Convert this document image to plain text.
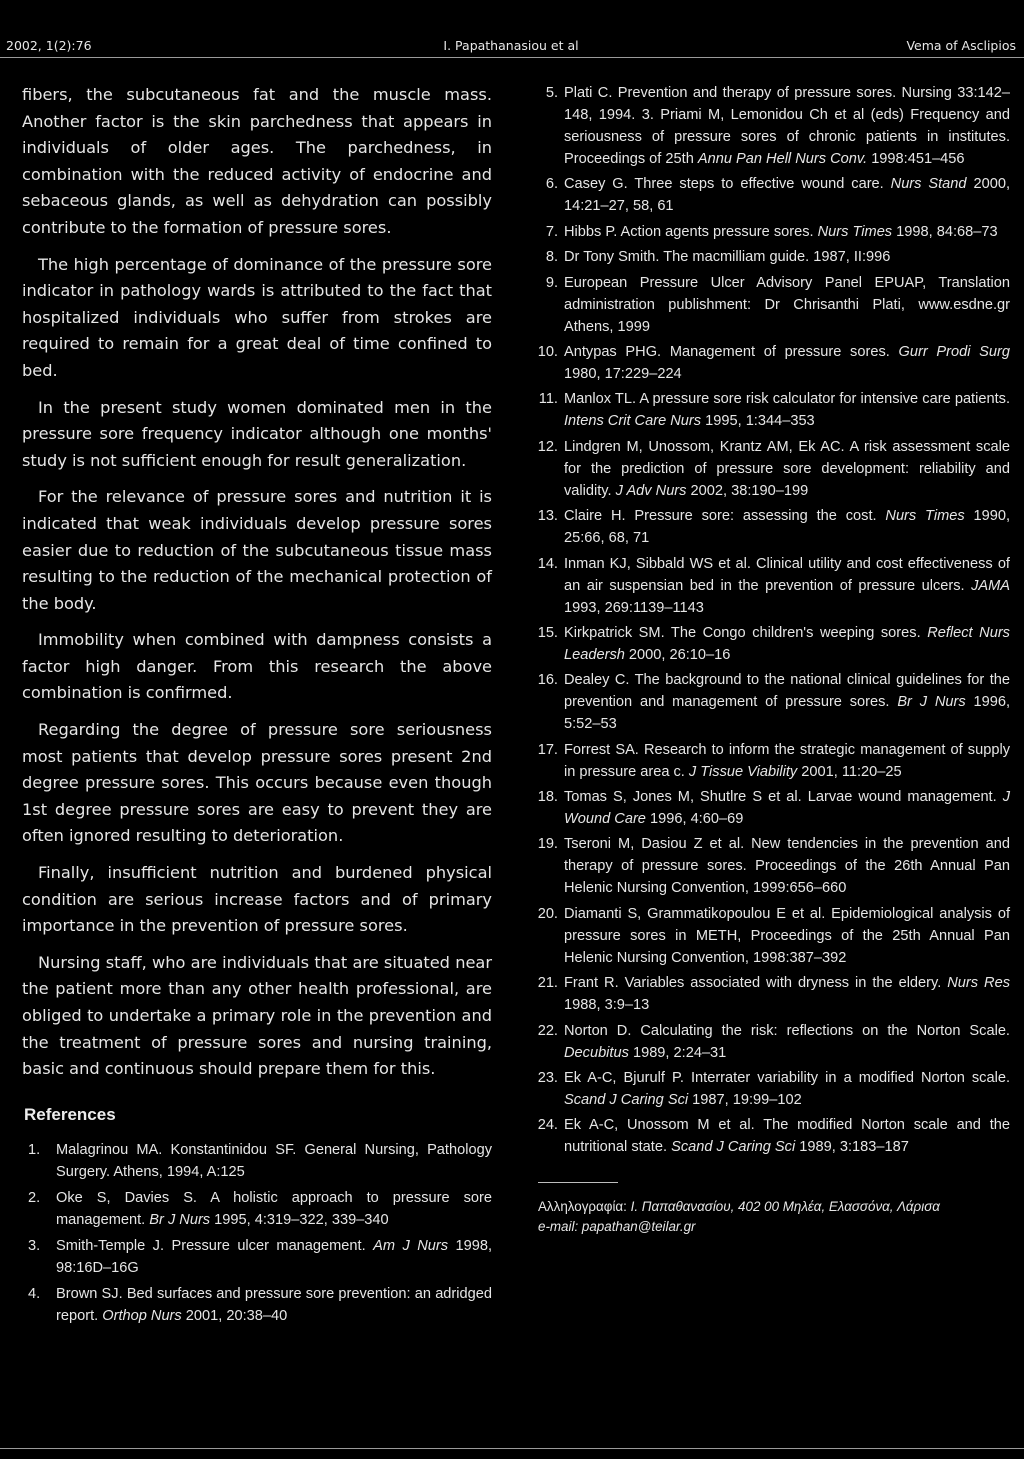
2002, 1(2):76	I. Papathanasiou et al	Vema of Asclipios

fibers, the subcutaneous fat and the muscle mass. Another factor is the skin parchedness that appears in individuals of older ages. The parchedness, in combination with the reduced activity of endocrine and sebaceous glands, as well as dehydration can possibly contribute to the formation of pressure sores.

The high percentage of dominance of the pressure sore indicator in pathology wards is attributed to the fact that hospitalized individuals who suffer from strokes are required to remain for a great deal of time confined to bed.

In the present study women dominated men in the pressure sore frequency indicator although one months' study is not sufficient enough for result generalization.

For the relevance of pressure sores and nutrition it is indicated that weak individuals develop pressure sores easier due to reduction of the subcutaneous tissue mass resulting to the reduction of the mechanical protection of the body.

Immobility when combined with dampness consists a factor high danger. From this research the above combination is confirmed.

Regarding the degree of pressure sore seriousness most patients that develop pressure sores present 2nd degree pressure sores. This occurs because even though 1st degree pressure sores are easy to prevent they are often ignored resulting to deterioration.

Finally, insufficient nutrition and burdened physical condition are serious increase factors and of primary importance in the prevention of pressure sores.

Nursing staff, who are individuals that are situated near the patient more than any other health professional, are obliged to undertake a primary role in the prevention and the treatment of pressure sores and nursing training, basic and continuous should prepare them for this.

References
1. Malagrinou MA. Konstantinidou SF. General Nursing, Pathology Surgery. Athens, 1994, A:125
2. Oke S, Davies S. A holistic approach to pressure sore management. Br J Nurs 1995, 4:319–322, 339–340
3. Smith-Temple J. Pressure ulcer management. Am J Nurs 1998, 98:16D–16G
4. Brown SJ. Bed surfaces and pressure sore prevention: an adridged report. Orthop Nurs 2001, 20:38–40
5. Plati C. Prevention and therapy of pressure sores. Nursing 33:142–148, 1994. 3. Priami M, Lemonidou Ch et al (eds) Frequency and seriousness of pressure sores of chronic patients in institutes. Proceedings of 25th Annu Pan Hell Nurs Conv. 1998:451–456
6. Casey G. Three steps to effective wound care. Nurs Stand 2000, 14:21–27, 58, 61
7. Hibbs P. Action agents pressure sores. Nurs Times 1998, 84:68–73
8. Dr Tony Smith. The macmilliam guide. 1987, II:996
9. European Pressure Ulcer Advisory Panel EPUAP, Translation administration publishment: Dr Chrisanthi Plati, www.esdne.gr Athens, 1999
10. Antypas PHG. Management of pressure sores. Gurr Prodi Surg 1980, 17:229–224
11. Manlox TL. A pressure sore risk calculator for intensive care patients. Intens Crit Care Nurs 1995, 1:344–353
12. Lindgren M, Unossom, Krantz AM, Ek AC. A risk assessment scale for the prediction of pressure sore development: reliability and validity. J Adv Nurs 2002, 38:190–199
13. Claire H. Pressure sore: assessing the cost. Nurs Times 1990, 25:66, 68, 71
14. Inman KJ, Sibbald WS et al. Clinical utility and cost effectiveness of an air suspensian bed in the prevention of pressure ulcers. JAMA 1993, 269:1139–1143
15. Kirkpatrick SM. The Congo children's weeping sores. Reflect Nurs Leadersh 2000, 26:10–16
16. Dealey C. The background to the national clinical guidelines for the prevention and management of pressure sores. Br J Nurs 1996, 5:52–53
17. Forrest SA. Research to inform the strategic management of supply in pressure area c. J Tissue Viability 2001, 11:20–25
18. Tomas S, Jones M, Shutlre S et al. Larvae wound management. J Wound Care 1996, 4:60–69
19. Tseroni M, Dasiou Z et al. New tendencies in the prevention and therapy of pressure sores. Proceedings of the 26th Annual Pan Helenic Nursing Convention, 1999:656–660
20. Diamanti S, Grammatikopoulou E et al. Epidemiological analysis of pressure sores in METH, Proceedings of the 25th Annual Pan Helenic Nursing Convention, 1998:387–392
21. Frant R. Variables associated with dryness in the eldery. Nurs Res 1988, 3:9–13
22. Norton D. Calculating the risk: reflections on the Norton Scale. Decubitus 1989, 2:24–31
23. Ek A-C, Bjurulf P. Interrater variability in a modified Norton scale. Scand J Caring Sci 1987, 19:99–102
24. Ek A-C, Unossom M et al. The modified Norton scale and the nutritional state. Scand J Caring Sci 1989, 3:183–187
Αλληλογραφία: Ι. Παπαθανασίου, 402 00 Μηλέα, Ελασσόνα, Λάρισα
e-mail: papathan@teilar.gr
